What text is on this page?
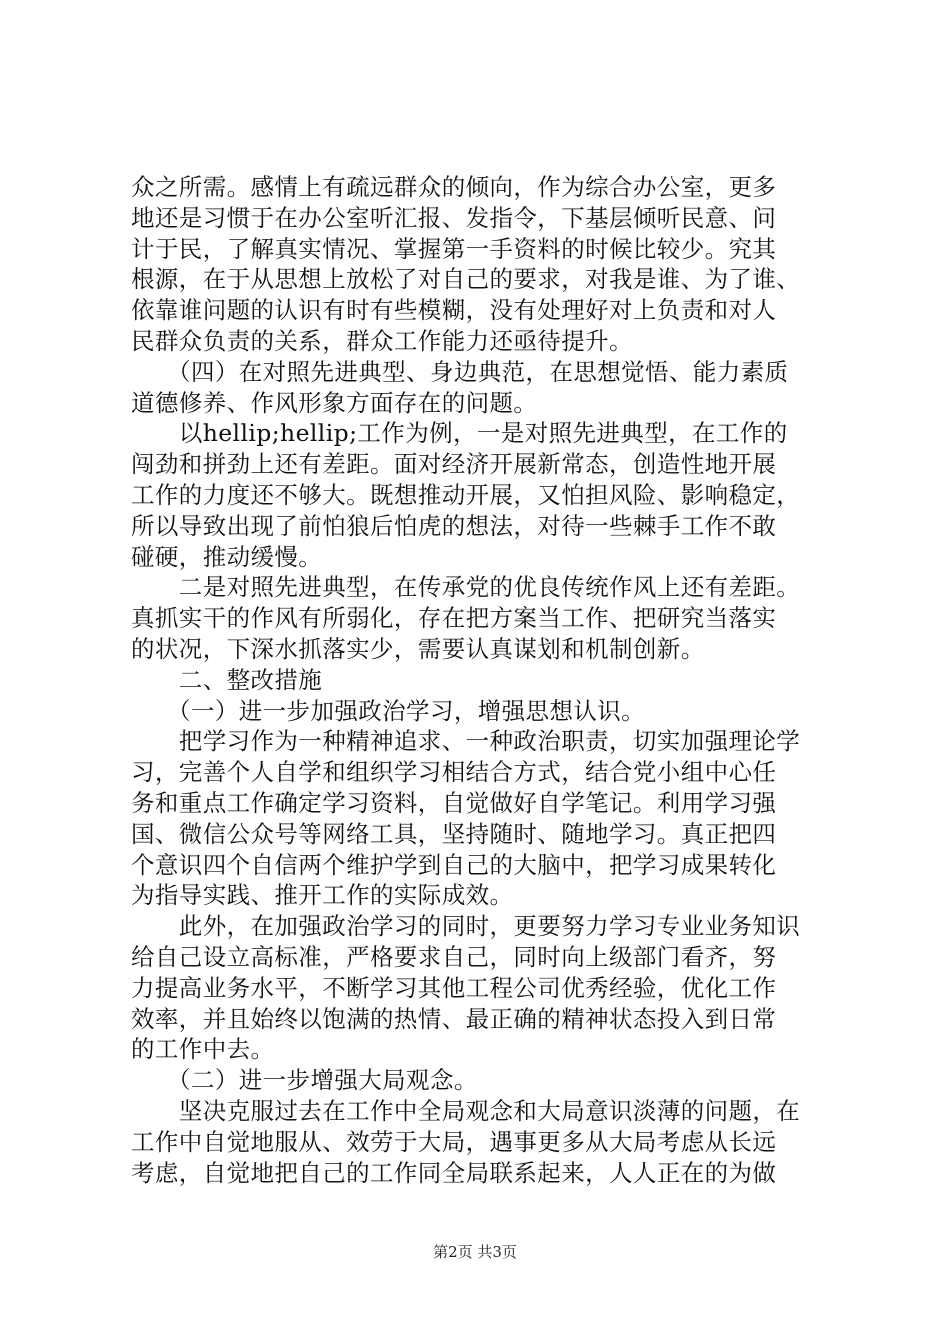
众之所需。感情上有疏远群众的倾向，作为综合办公室，更多
地还是习惯于在办公室听汇报、发指令，下基层倾听民意、问
计于民，了解真实情况、掌握第一手资料的时候比较少。究其
根源，在于从思想上放松了对自己的要求，对我是谁、为了谁、
依靠谁问题的认识有时有些模糊，没有处理好对上负责和对人
民群众负责的关系，群众工作能力还亟待提升。
　　（四）在对照先进典型、身边典范，在思想觉悟、能力素质
道德修养、作风形象方面存在的问题。
　　以hellip;hellip;工作为例，一是对照先进典型，在工作的
闯劲和拼劲上还有差距。面对经济开展新常态，创造性地开展
工作的力度还不够大。既想推动开展，又怕担风险、影响稳定，
所以导致出现了前怕狼后怕虎的想法，对待一些棘手工作不敢
碰硬，推动缓慢。
　　二是对照先进典型，在传承党的优良传统作风上还有差距。
真抓实干的作风有所弱化，存在把方案当工作、把研究当落实
的状况，下深水抓落实少，需要认真谋划和机制创新。
　　二、整改措施
　　（一）进一步加强政治学习，增强思想认识。
　　把学习作为一种精神追求、一种政治职责，切实加强理论学
习，完善个人自学和组织学习相结合方式，结合党小组中心任
务和重点工作确定学习资料，自觉做好自学笔记。利用学习强
国、微信公众号等网络工具，坚持随时、随地学习。真正把四
个意识四个自信两个维护学到自己的大脑中，把学习成果转化
为指导实践、推开工作的实际成效。
　　此外，在加强政治学习的同时，更要努力学习专业业务知识
给自己设立高标准，严格要求自己，同时向上级部门看齐，努
力提高业务水平，不断学习其他工程公司优秀经验，优化工作
效率，并且始终以饱满的热情、最正确的精神状态投入到日常
的工作中去。
　　（二）进一步增强大局观念。
　　坚决克服过去在工作中全局观念和大局意识淡薄的问题，在
工作中自觉地服从、效劳于大局，遇事更多从大局考虑从长远
考虑，自觉地把自己的工作同全局联系起来，人人正在的为做
第2页 共3页
